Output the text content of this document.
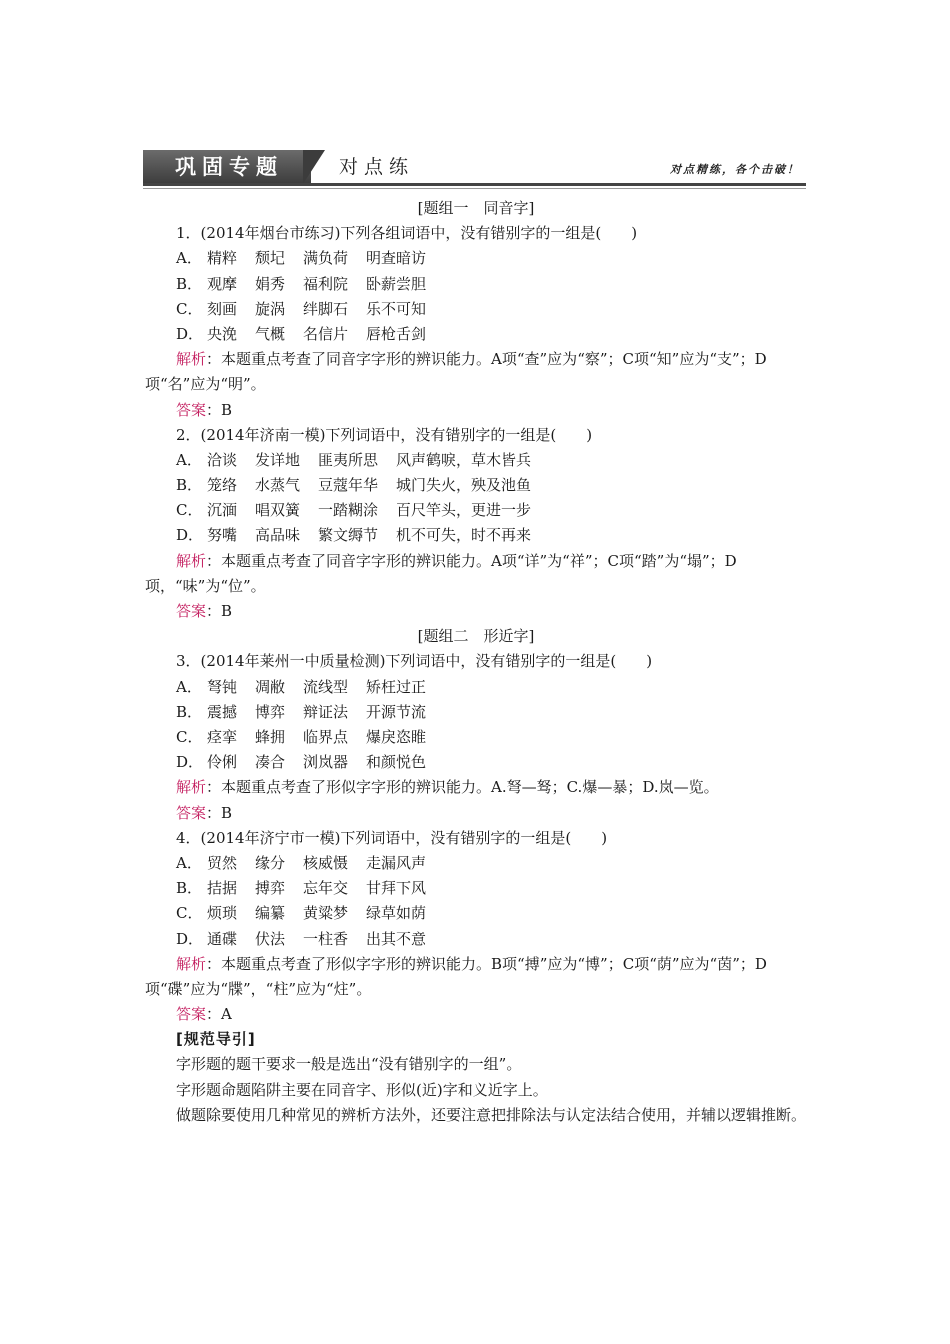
巩固专题	对点练	对点精练，各个击破！
[题组一　同音字]
1．(2014年烟台市练习)下列各组词语中，没有错别字的一组是(　　)
A． 精粹 颓圮 满负荷 明查暗访
B． 观摩 娟秀 福利院 卧薪尝胆
C． 刻画 旋涡 绊脚石 乐不可知
D． 央浼 气概 名信片 唇枪舌剑
解析：本题重点考查了同音字字形的辨识能力。A项“查”应为“察”；C项“知”应为“支”；D项“名”应为“明”。
答案：B
2．(2014年济南一模)下列词语中，没有错别字的一组是(　　)
A． 洽谈 发详地 匪夷所思 风声鹤唳，草木皆兵
B． 笼络 水蒸气 豆蔻年华 城门失火，殃及池鱼
C． 沉湎 唱双簧 一踏糊涂 百尺竿头，更进一步
D． 努嘴 高品味 繁文缛节 机不可失，时不再来
解析：本题重点考查了同音字字形的辨识能力。A项“详”为“祥”；C项“踏”为“塌”；D项，“味”为“位”。
答案：B
[题组二　形近字]
3．(2014年莱州一中质量检测)下列词语中，没有错别字的一组是(　　)
A． 弩钝 凋敝 流线型 矫枉过正
B． 震撼 博弈 辩证法 开源节流
C． 痉挛 蜂拥 临界点 爆戾恣睢
D． 伶俐 凑合 浏岚器 和颜悦色
解析：本题重点考查了形似字字形的辨识能力。A.弩—驽；C.爆—暴；D.岚—览。
答案：B
4．(2014年济宁市一模)下列词语中，没有错别字的一组是(　　)
A． 贸然 缘分 核威慑 走漏风声
B． 拮据 搏弈 忘年交 甘拜下风
C． 烦琐 编纂 黄粱梦 绿草如荫
D． 通碟 伏法 一柱香 出其不意
解析：本题重点考查了形似字字形的辨识能力。B项“搏”应为“博”；C项“荫”应为“茵”；D项“碟”应为“牒”，“柱”应为“炷”。
答案：A
[规范导引]
字形题的题干要求一般是选出“没有错别字的一组”。
字形题命题陷阱主要在同音字、形似(近)字和义近字上。
做题除要使用几种常见的辨析方法外，还要注意把排除法与认定法结合使用，并辅以逻辑推断。
